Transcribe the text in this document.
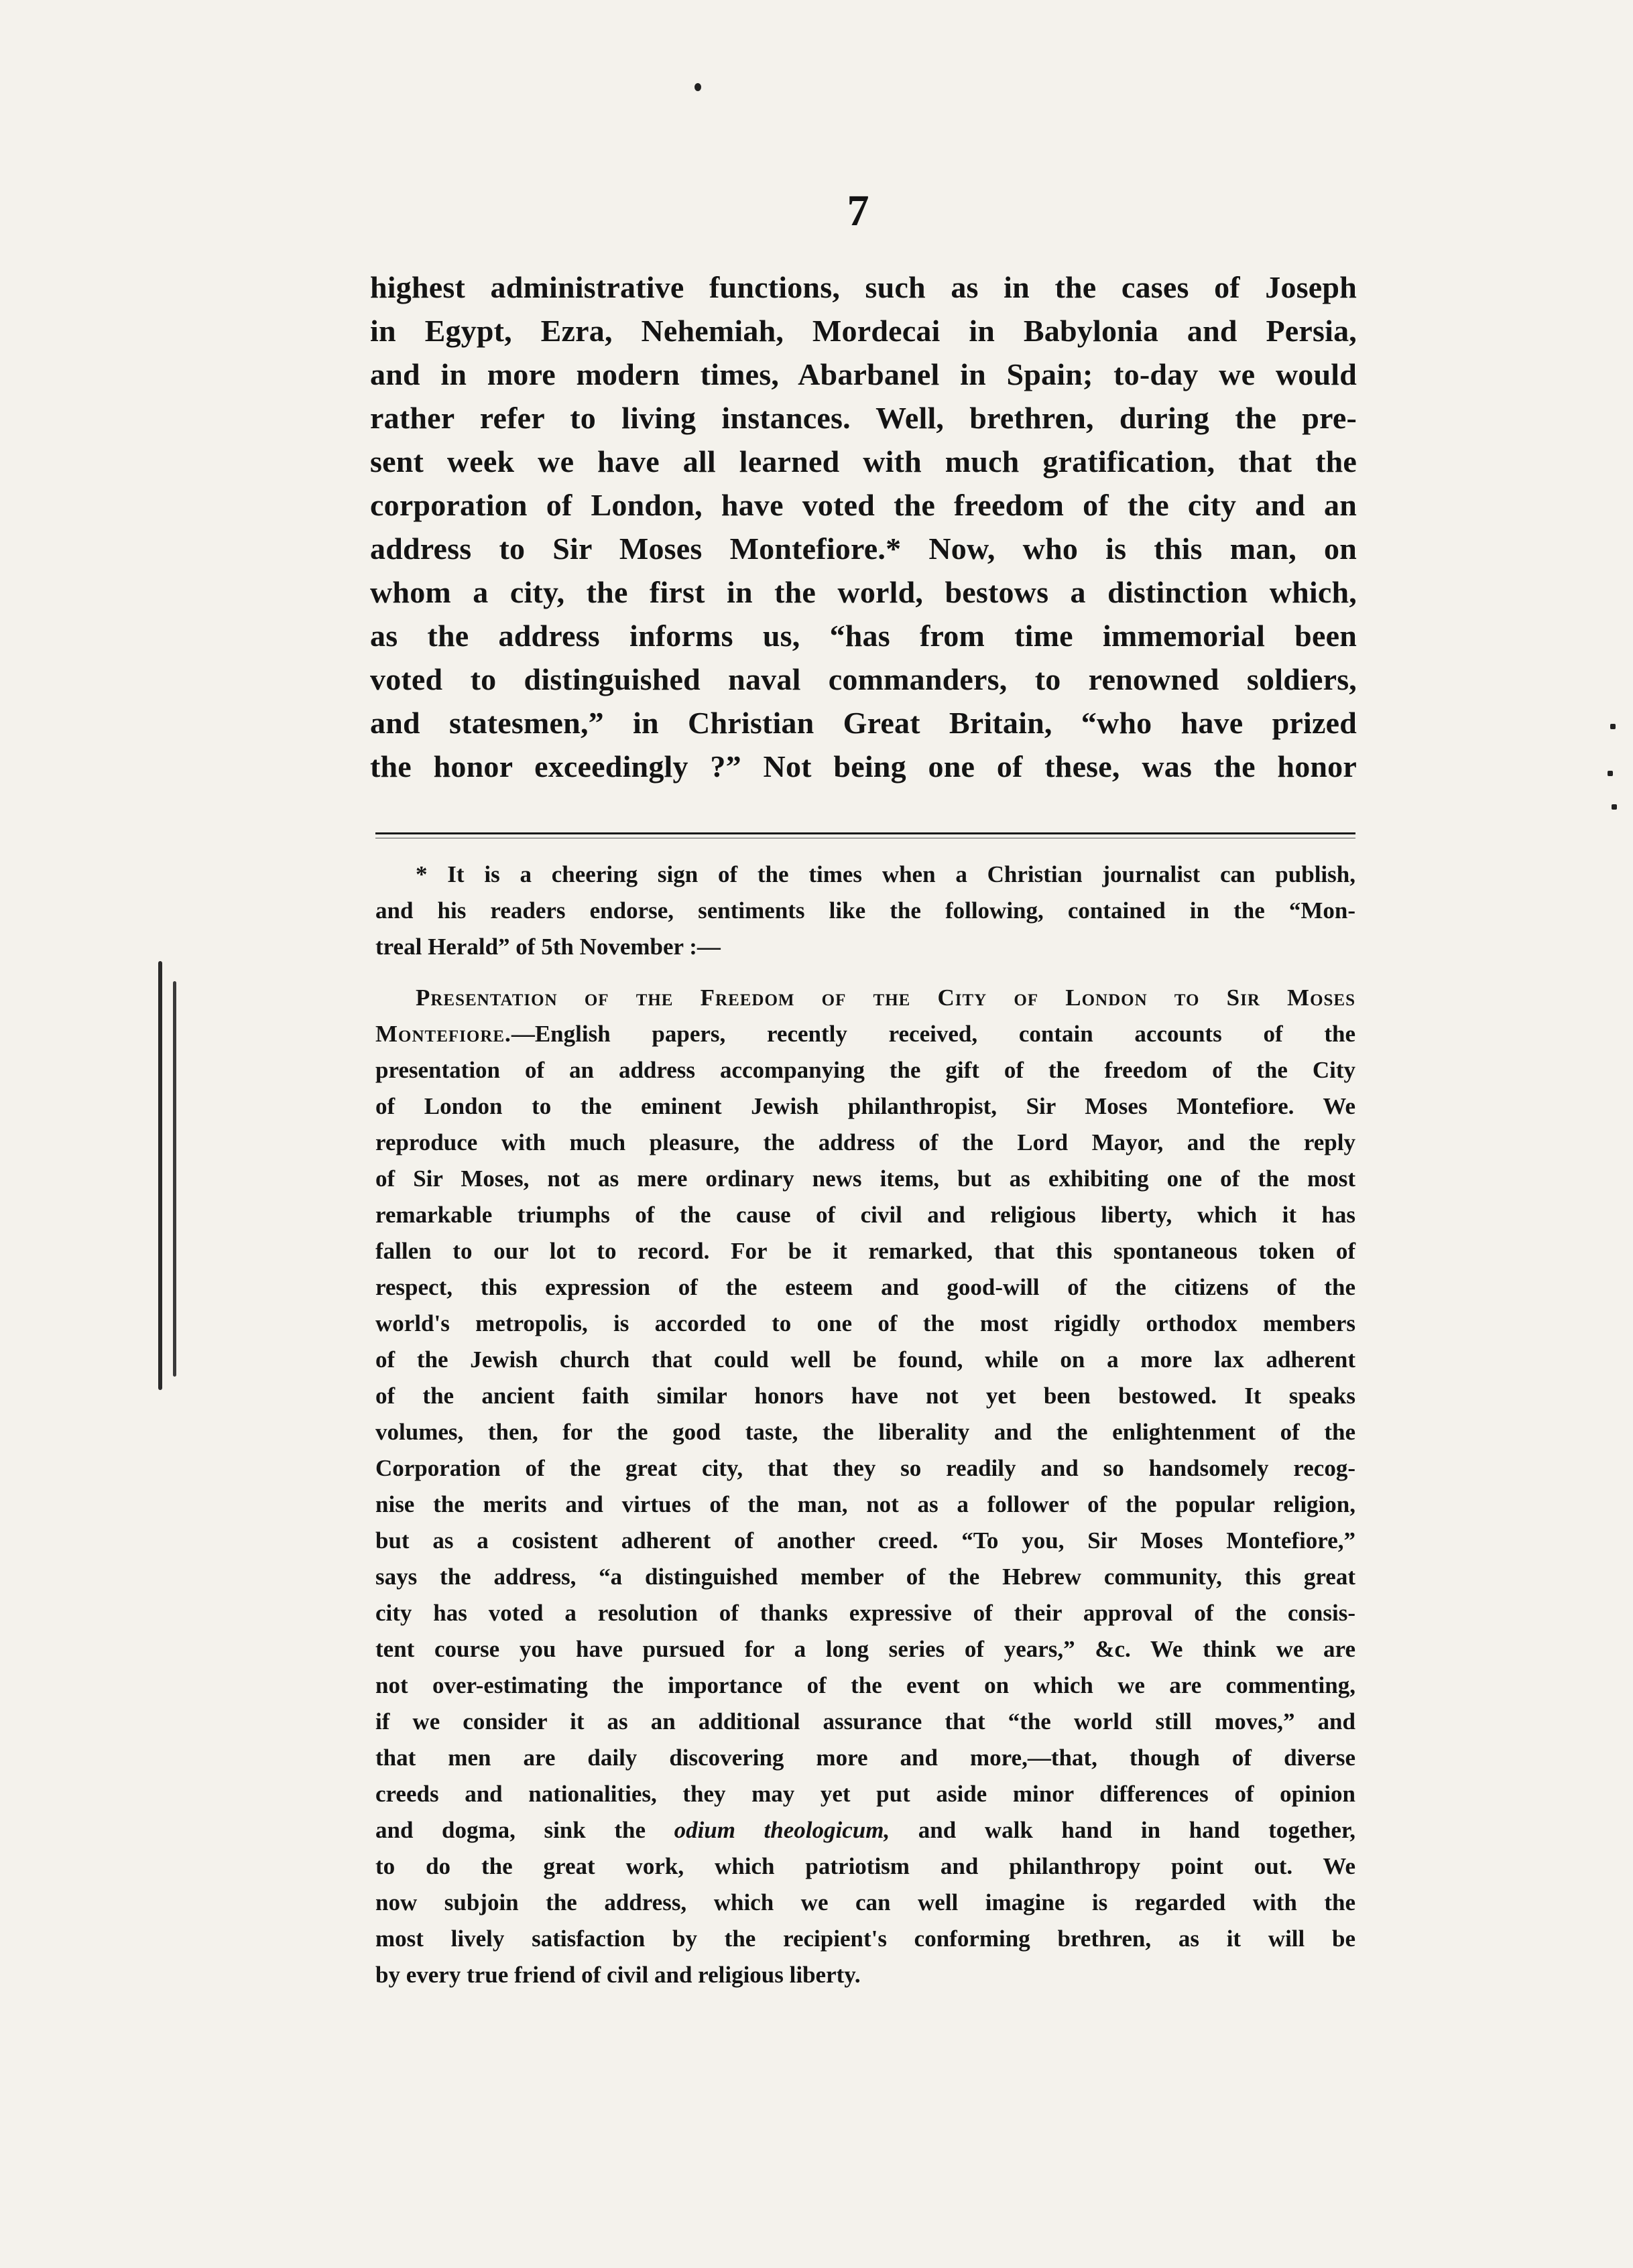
7
highest administrative functions, such as in the cases of Joseph
in Egypt, Ezra, Nehemiah, Mordecai in Babylonia and Persia,
and in more modern times, Abarbanel in Spain; to-day we would
rather refer to living instances. Well, brethren, during the pre-
sent week we have all learned with much gratification, that the
corporation of London, have voted the freedom of the city and an
address to Sir Moses Montefiore.* Now, who is this man, on
whom a city, the first in the world, bestows a distinction which,
as the address informs us, “has from time immemorial been
voted to distinguished naval commanders, to renowned soldiers,
and statesmen,” in Christian Great Britain, “who have prized
the honor exceedingly ?” Not being one of these, was the honor
* It is a cheering sign of the times when a Christian journalist can publish,
and his readers endorse, sentiments like the following, contained in the “Mon-
treal Herald” of 5th November :—
Presentation of the Freedom of the City of London to Sir Moses
Montefiore.—English papers, recently received, contain accounts of the
presentation of an address accompanying the gift of the freedom of the City
of London to the eminent Jewish philanthropist, Sir Moses Montefiore. We
reproduce with much pleasure, the address of the Lord Mayor, and the reply
of Sir Moses, not as mere ordinary news items, but as exhibiting one of the most
remarkable triumphs of the cause of civil and religious liberty, which it has
fallen to our lot to record. For be it remarked, that this spontaneous token of
respect, this expression of the esteem and good-will of the citizens of the
world's metropolis, is accorded to one of the most rigidly orthodox members
of the Jewish church that could well be found, while on a more lax adherent
of the ancient faith similar honors have not yet been bestowed. It speaks
volumes, then, for the good taste, the liberality and the enlightenment of the
Corporation of the great city, that they so readily and so handsomely recog-
nise the merits and virtues of the man, not as a follower of the popular religion,
but as a cosistent adherent of another creed. “To you, Sir Moses Montefiore,”
says the address, “a distinguished member of the Hebrew community, this great
city has voted a resolution of thanks expressive of their approval of the consis-
tent course you have pursued for a long series of years,” &c. We think we are
not over-estimating the importance of the event on which we are commenting,
if we consider it as an additional assurance that “the world still moves,” and
that men are daily discovering more and more,—that, though of diverse
creeds and nationalities, they may yet put aside minor differences of opinion
and dogma, sink the odium theologicum, and walk hand in hand together,
to do the great work, which patriotism and philanthropy point out. We
now subjoin the address, which we can well imagine is regarded with the
most lively satisfaction by the recipient's conforming brethren, as it will be
by every true friend of civil and religious liberty.
